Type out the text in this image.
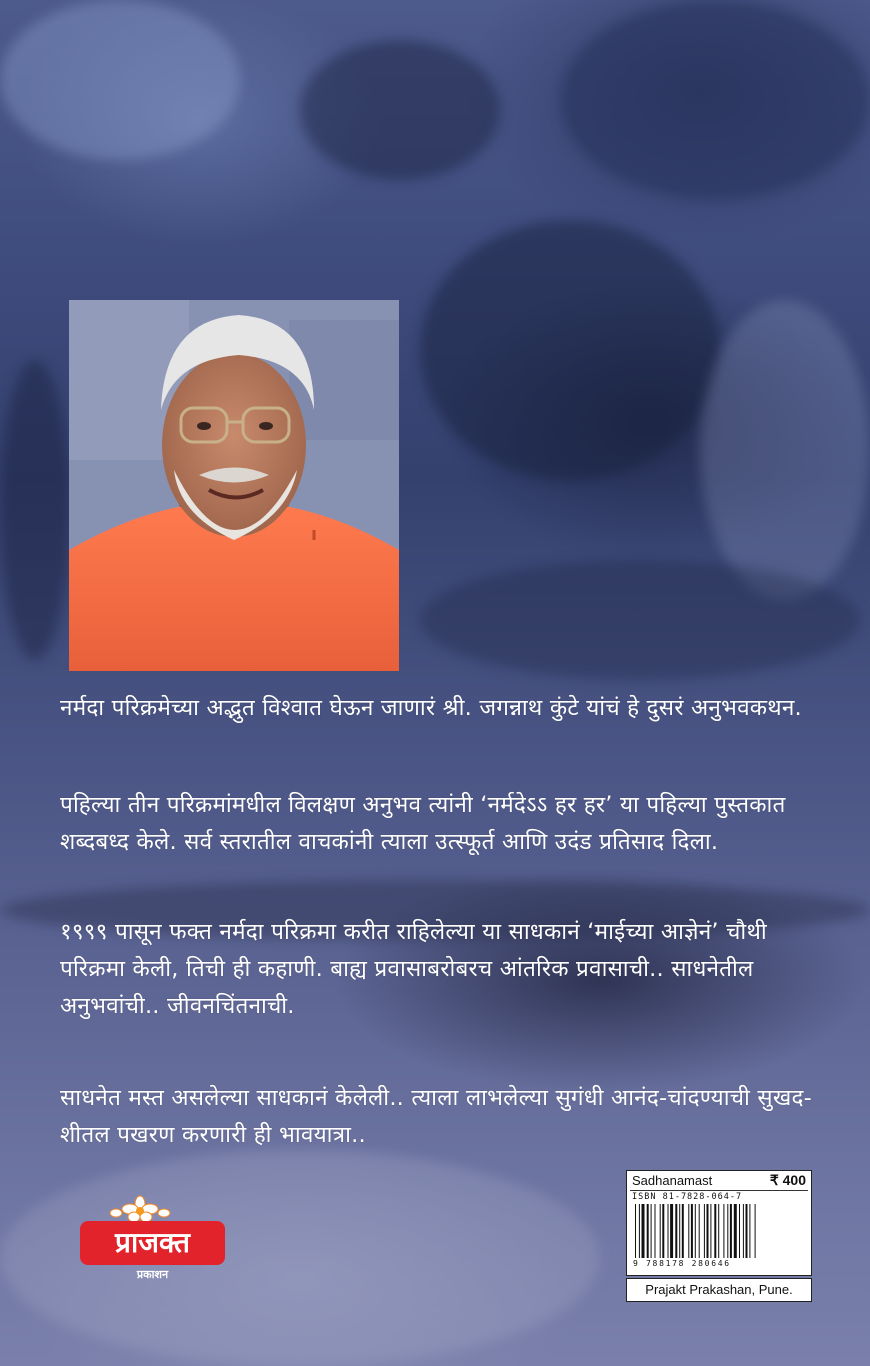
नर्मदा परिक्रमेच्या अद्भुत विश्वात घेऊन जाणारं श्री. जगन्नाथ कुंटे यांचं हे दुसरं अनुभवकथन.

पहिल्या तीन परिक्रमांमधील विलक्षण अनुभव त्यांनी ‘नर्मदेऽऽ हर हर’ या पहिल्या पुस्तकात शब्दबध्द केले. सर्व स्तरातील वाचकांनी त्याला उत्स्फूर्त आणि उदंड प्रतिसाद दिला.

१९९९ पासून फक्त नर्मदा परिक्रमा करीत राहिलेल्या या साधकानं ‘माईच्या आज्ञेनं’ चौथी परिक्रमा केली, तिची ही कहाणी. बाह्य प्रवासाबरोबरच आंतरिक प्रवासाची.. साधनेतील अनुभवांची.. जीवनचिंतनाची.

साधनेत मस्त असलेल्या साधकानं केलेली.. त्याला लाभलेल्या सुगंधी आनंद-चांदण्याची सुखद-शीतल पखरण करणारी ही भावयात्रा..

प्राजक्त
प्रकाशन
Sadhanamast	₹ 400
ISBN 81-7828-064-7
9 788178 280646
Prajakt Prakashan, Pune.
